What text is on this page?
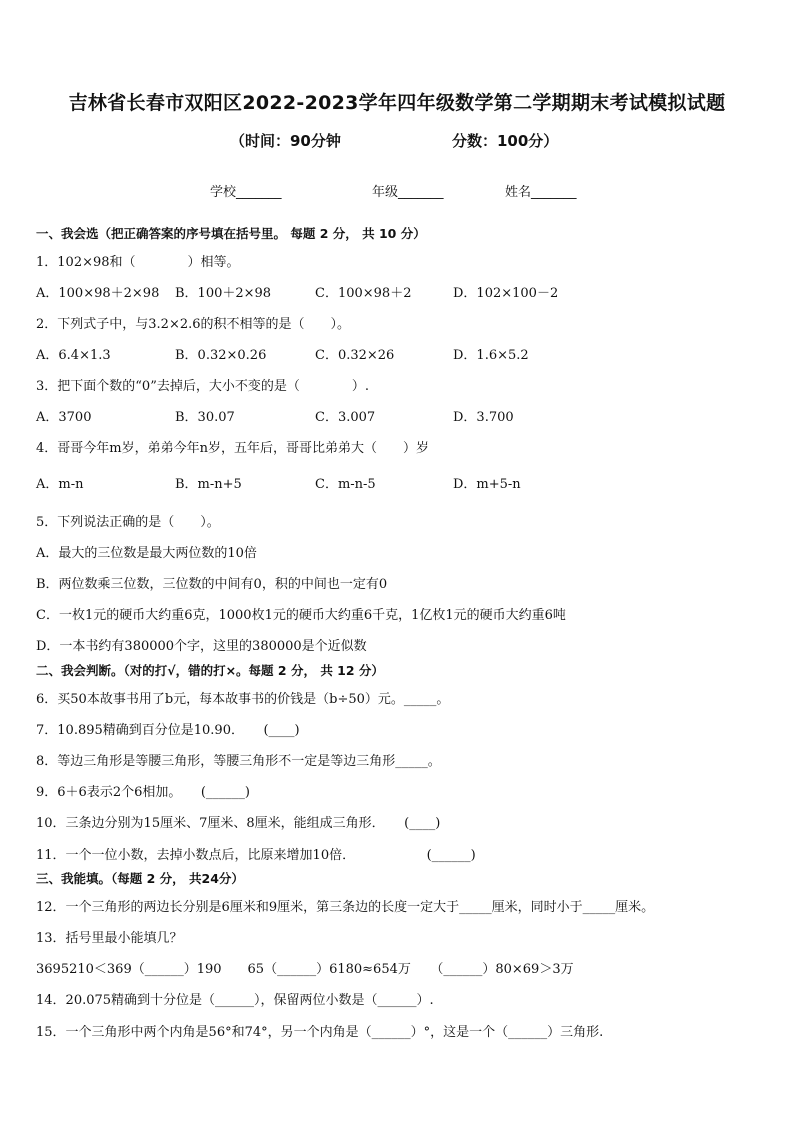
吉林省长春市双阳区2022-2023学年四年级数学第二学期期末考试模拟试题
（时间：90分钟	分数：100分）
学校_______	年级_______	姓名_______
一、我会选（把正确答案的序号填在括号里。 每题 2 分， 共 10 分）
1．102×98和（　　　　）相等。
A．100×98＋2×98 B．100＋2×98	C．100×98＋2	D．102×100－2
2．下列式子中，与3.2×2.6的积不相等的是（　　）。
A．6.4×1.3	B．0.32×0.26	C．0.32×26	D．1.6×5.2
3．把下面个数的“0”去掉后，大小不变的是（　　　　）.
A．3700	B．30.07	C．3.007	D．3.700
4．哥哥今年m岁，弟弟今年n岁，五年后，哥哥比弟弟大（　　）岁
A．m-n	B．m-n+5	C．m-n-5	D．m+5-n
5．下列说法正确的是（　　）。
A．最大的三位数是最大两位数的10倍
B．两位数乘三位数，三位数的中间有0，积的中间也一定有0
C．一枚1元的硬币大约重6克，1000枚1元的硬币大约重6千克，1亿枚1元的硬币大约重6吨
D．一本书约有380000个字，这里的380000是个近似数
二、我会判断。（对的打√，错的打×。每题 2 分， 共 12 分）
6．买50本故事书用了b元，每本故事书的价钱是（b÷50）元。_____。
7．10.895精确到百分位是10.90．　　(____)
8．等边三角形是等腰三角形，等腰三角形不一定是等边三角形_____。
9．6＋6表示2个6相加。　　(______)
10．三条边分别为15厘米、7厘米、8厘米，能组成三角形．　　(____)
11．一个一位小数，去掉小数点后，比原来增加10倍．　　　　　　(______)
三、我能填。（每题 2 分， 共24分）
12．一个三角形的两边长分别是6厘米和9厘米，第三条边的长度一定大于_____厘米，同时小于_____厘米。
13．括号里最小能填几？
3695210＜369（______）190　　65（______）6180≈654万　　（______）80×69＞3万
14．20.075精确到十分位是（______），保留两位小数是（______）.
15．一个三角形中两个内角是56°和74°，另一个内角是（______）°，这是一个（______）三角形.
